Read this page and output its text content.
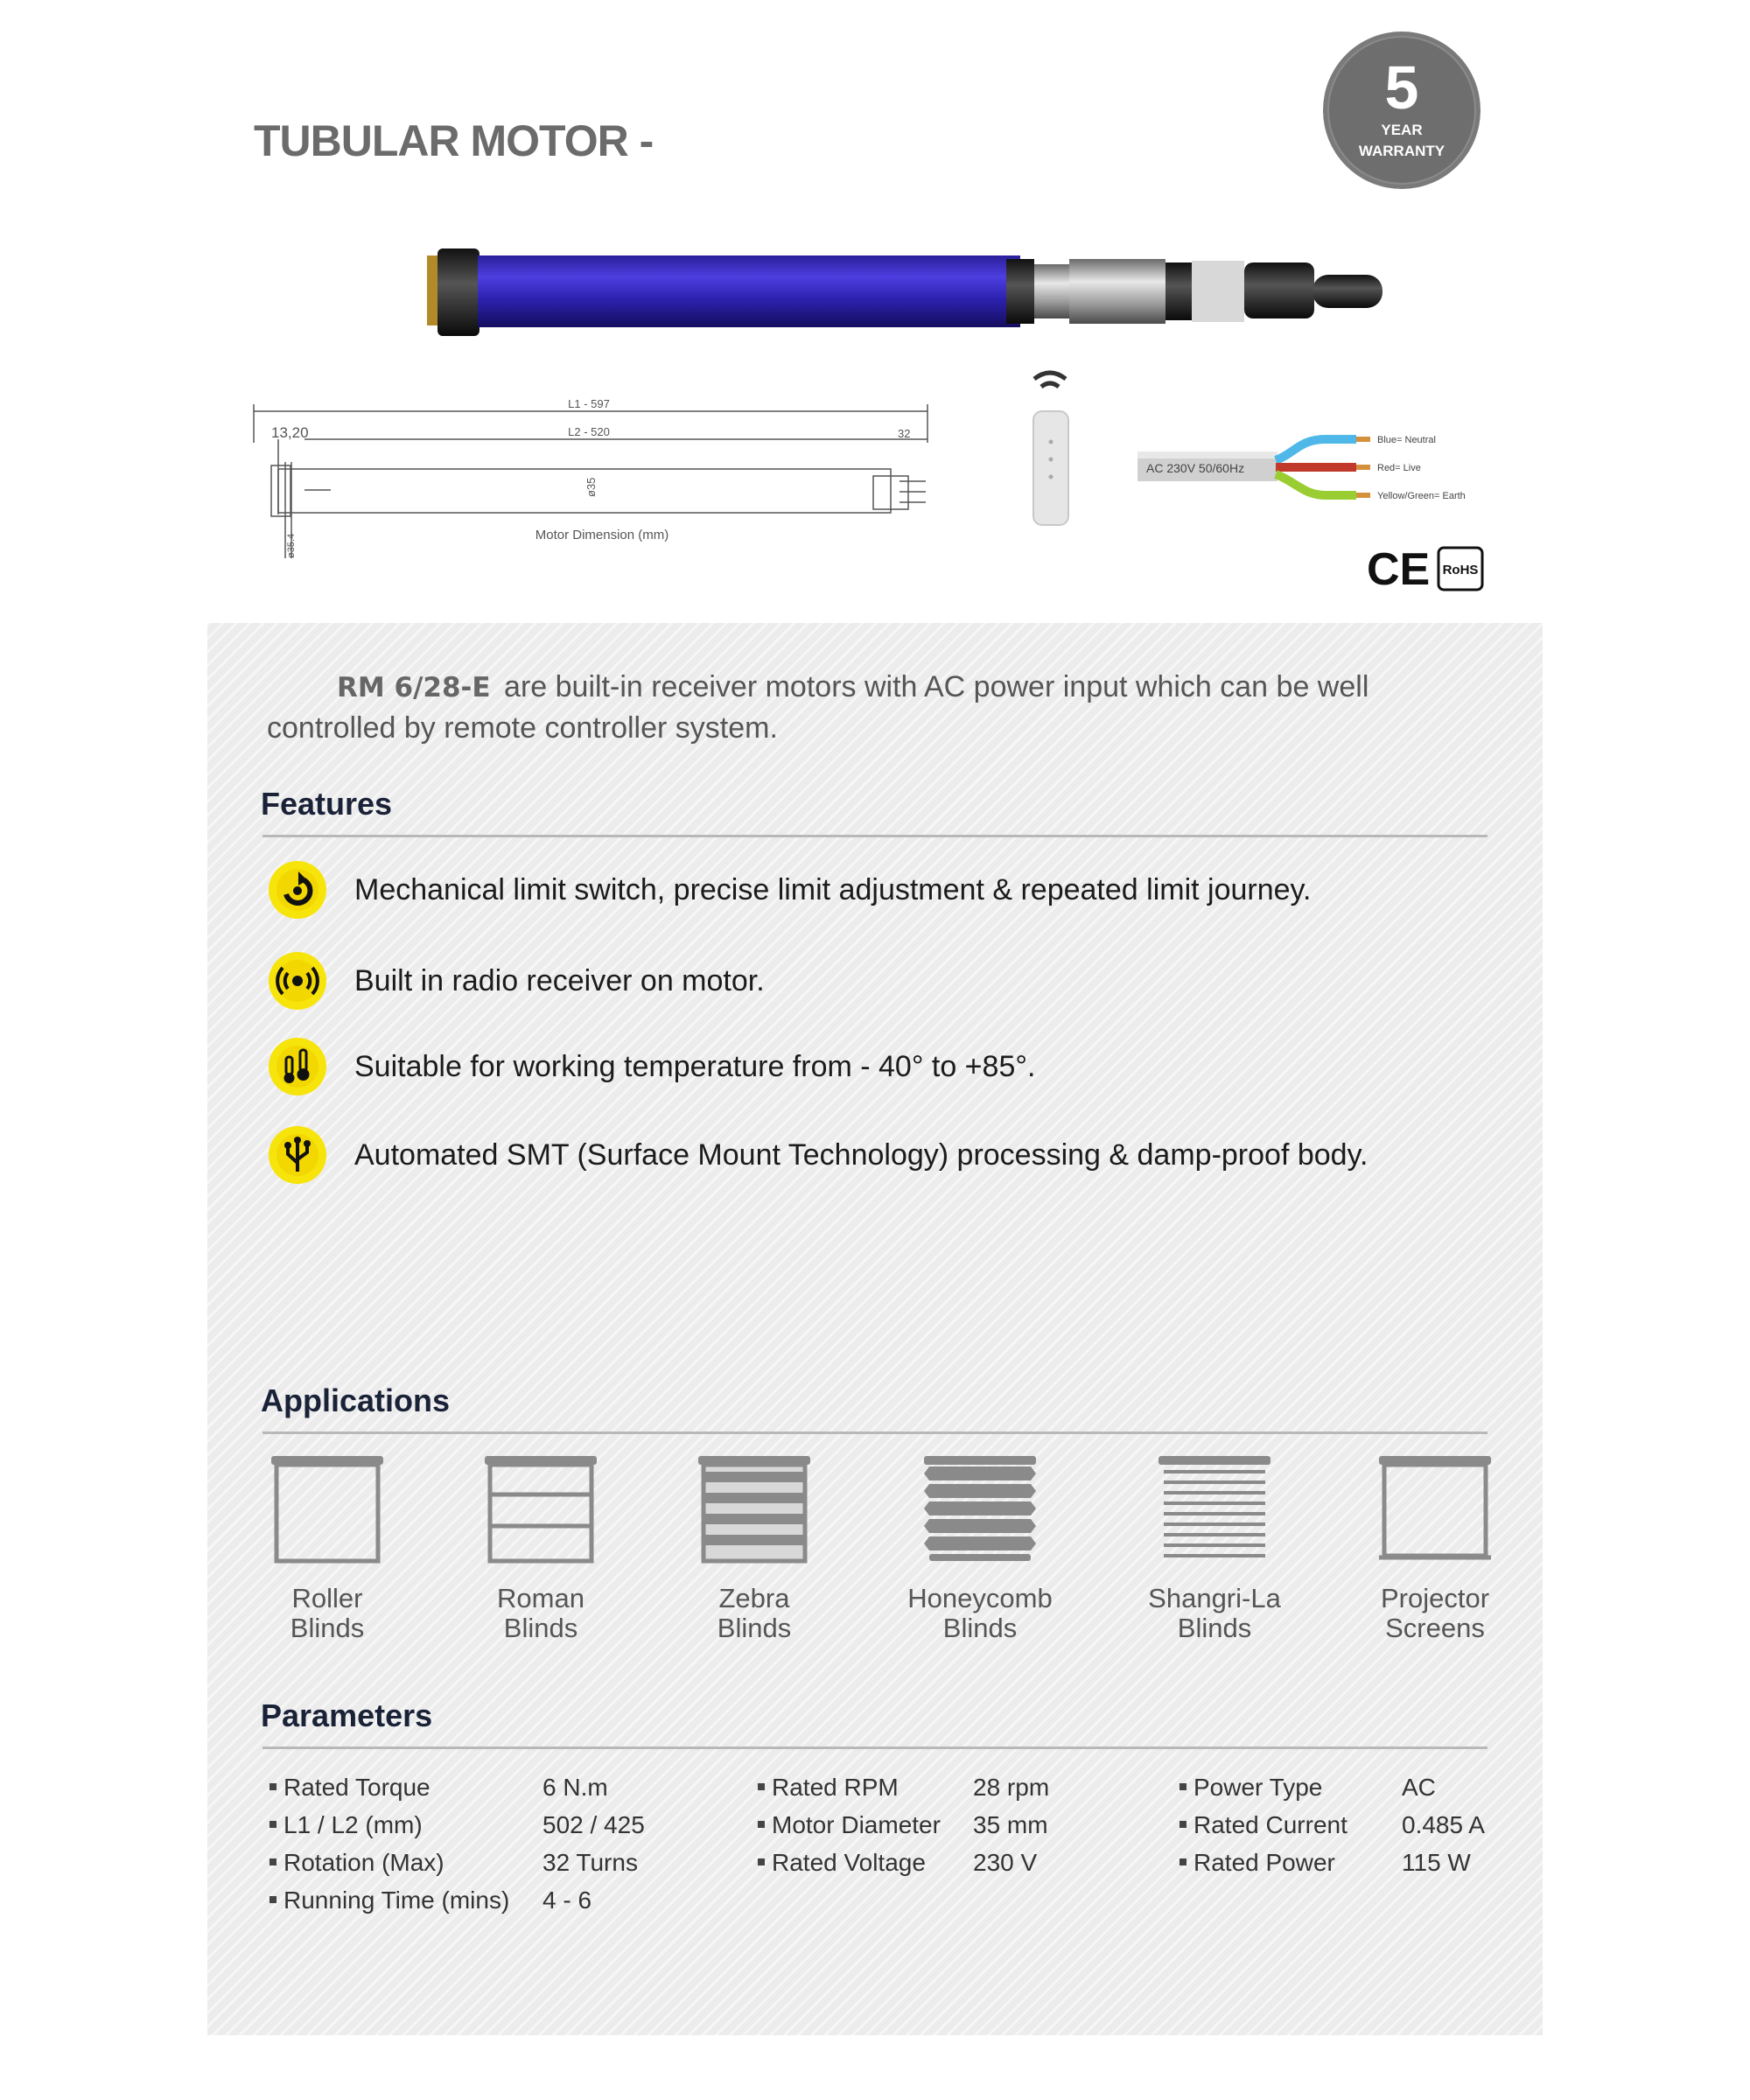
TUBULAR MOTOR -
5
YEAR
WARRANTY
L1 - 597
L2 - 520
13,20	32
ø35
ø35.4	Motor Dimension (mm)
AC 230V 50/60Hz
Blue= Neutral
Red= Live
Yellow/Green= Earth
CE RoHS
RM 6/28-E are built-in receiver motors with AC power input which can be well controlled by remote controller system.
Features
Mechanical limit switch, precise limit adjustment & repeated limit journey.
Built in radio receiver on motor.
Suitable for working temperature from - 40° to +85°.
Automated SMT (Surface Mount Technology) processing & damp-proof body.
Applications
Roller
Blinds
Roman
Blinds
Zebra
Blinds
Honeycomb
Blinds
Shangri-La
Blinds
Projector
Screens
Parameters
Rated Torque	6 N.m
L1 / L2 (mm)	502 / 425
Rotation (Max)	32 Turns
Running Time (mins) 4 - 6
Rated RPM	28 rpm
Motor Diameter 35 mm
Rated Voltage 230 V
Power Type	AC
Rated Current 0.485 A
Rated Power	115 W
